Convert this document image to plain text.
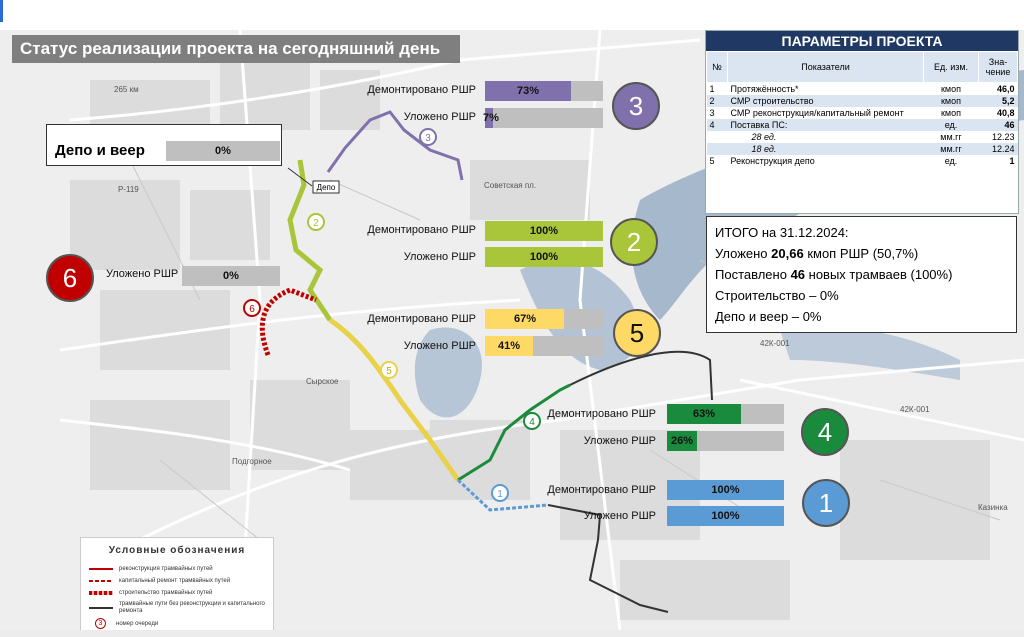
3
2
6
5
4
1
Депо
Сырское
Подгорное
Казинка
265 км
Р-119
42К-001
42К-001
Советская пл.
Статус реализации проекта на сегодняшний день
Депо и веер	0%
Демонтировано РШР	73%
Уложено РШР 7%	3
Демонтировано РШР	100%
Уложено РШР	100%	2
6	Уложено РШР	0%
Демонтировано РШР	67%
Уложено РШР	41%	5
Демонтировано РШР	63%
Уложено РШР	26%	4
Демонтировано РШР	100%
Уложено РШР	100%	1
ПАРАМЕТРЫ ПРОЕКТА
№	Показатели	Ед. изм.	Зна-чение
1	Протяжённость*	кмоп	46,0
2	СМР строительство	кмоп	5,2
3	СМР реконструкция/капитальный ремонт	кмоп	40,8
4	Поставка ПС:	ед.	46
	28 ед.	мм.гг	12.23
	18 ед.	мм.гг	12.24
5	Реконструкция депо	ед.	1
ИТОГО на 31.12.2024:
Уложено 20,66 кмоп РШР (50,7%)
Поставлено 46 новых трамваев (100%)
Строительство – 0%
Депо и веер – 0%
Условные обозначения
реконструкция трамвайных путей
капитальный ремонт трамвайных путей
строительство трамвайных путей
трамвайные пути без реконструкции и капитального ремонта
3	номер очереди
